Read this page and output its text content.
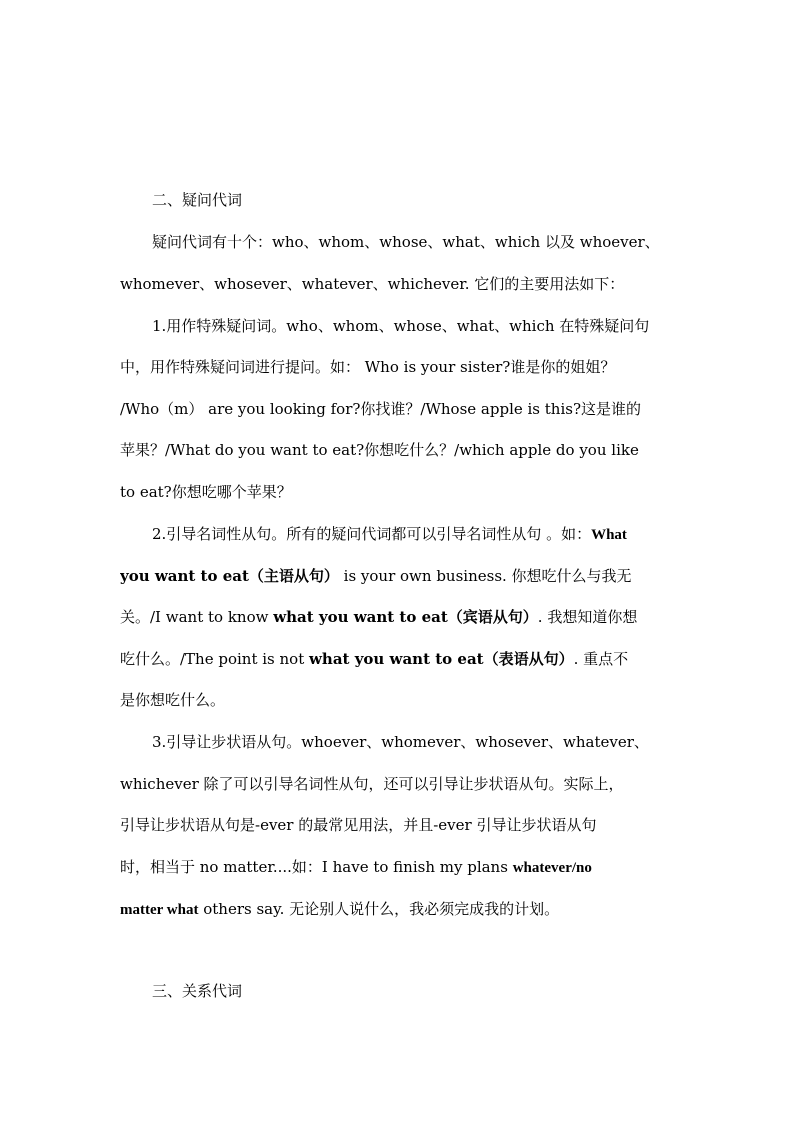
二、疑问代词
疑问代词有十个：who、whom、whose、what、which 以及 whoever、
whomever、whosever、whatever、whichever. 它们的主要用法如下：
1.用作特殊疑问词。who、whom、whose、what、which 在特殊疑问句
中，用作特殊疑问词进行提问。如： Who is your sister?谁是你的姐姐？
/Who（m） are you looking for?你找谁？/Whose apple is this?这是谁的
苹果？/What do you want to eat?你想吃什么？/which apple do you like
to eat?你想吃哪个苹果？
2.引导名词性从句。所有的疑问代词都可以引导名词性从句 。如：What
you want to eat（主语从句） is your own business. 你想吃什么与我无
关。/I want to know what you want to eat（宾语从句）. 我想知道你想
吃什么。/The point is not what you want to eat（表语从句）. 重点不
是你想吃什么。
3.引导让步状语从句。whoever、whomever、whosever、whatever、
whichever 除了可以引导名词性从句，还可以引导让步状语从句。实际上，
引导让步状语从句是-ever 的最常见用法，并且-ever 引导让步状语从句
时，相当于 no matter....如：I have to finish my plans whatever/no
matter what others say. 无论别人说什么，我必须完成我的计划。
三、关系代词
